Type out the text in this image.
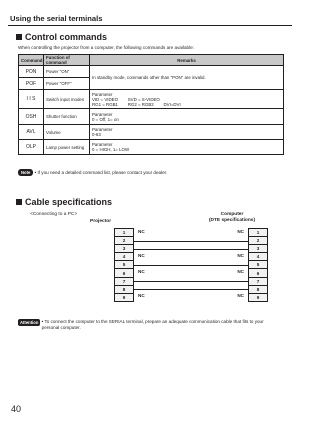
Using the serial terminals
Control commands
When controlling the projector from a computer, the following commands are available:
Command	Function of command	Remarks
PON	Power "ON"	In standby mode, commands other than "PON" are invalid.

POF	Power "OFF"	
I I S	Switch input modes	Parameter
VID = VIDEO        SVD = S-VIDEO
RG1 = RGB1        RG2 = RGB2        DVI=DVI

OSH	Shutter function	Parameter
0 = Off, 1= on

AVL	Volume	Parameter
0-63

OLP	Lamp power setting	Parameter
0 = HIGH, 1= LOW
Note • If you need a detailed command list, please contact your dealer.
Cable specifications
<Connecting to a PC>	Computer
(DTE specifications)
Projector
1	NC NC	1
2		2
3		3
4	NC NC	4
5		5
6	NC NC	6
7		7
8		8
9	NC NC	9
Attention • To connect the computer to the SERIAL terminal, prepare an adequate communication cable that fits to your personal computer.
40
